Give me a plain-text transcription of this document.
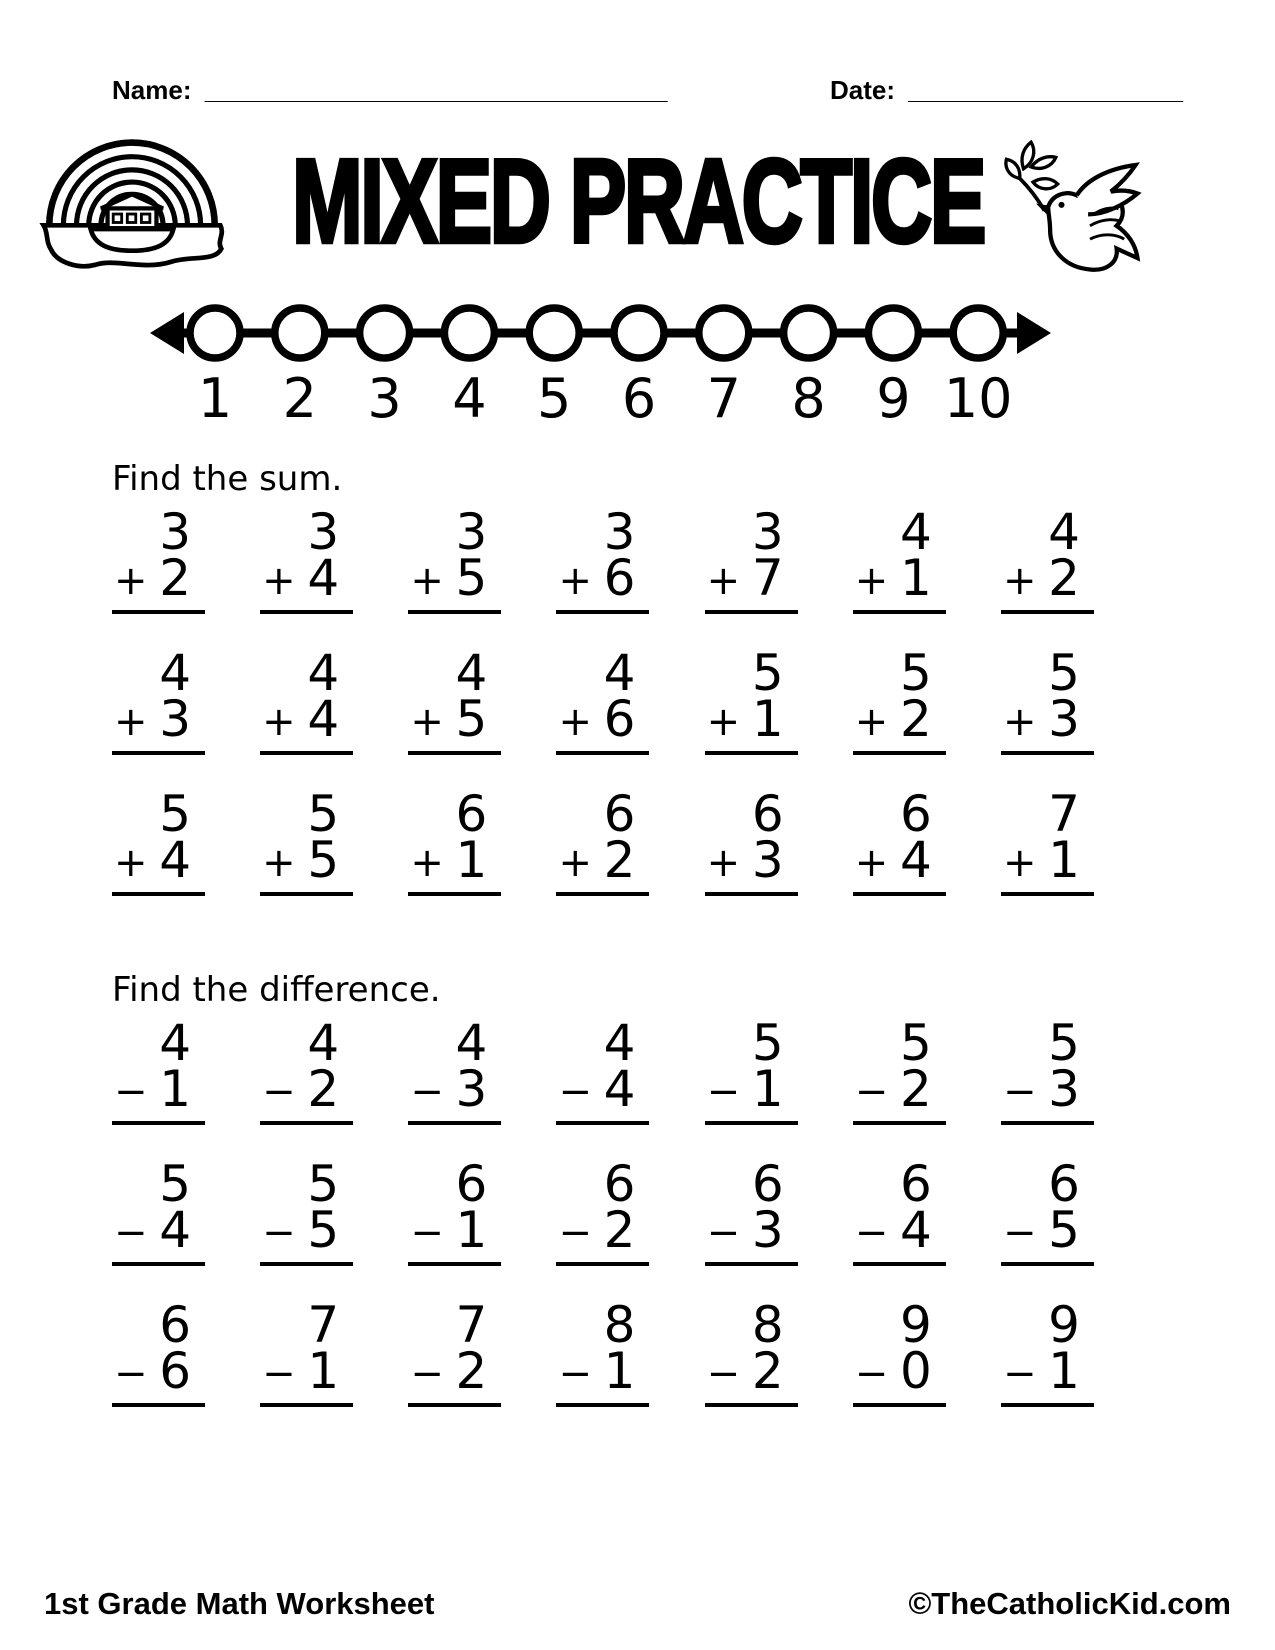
Name: ________________________________	Date: ___________________
MIXED PRACTICE
1 2 3 4 5 6 7 8 9 10
Find the sum.
3
+ 2
3
+ 4
3
+ 5
3
+ 6
3
+ 7
4
+ 1
4
+ 2
4
+ 3
4
+ 4
4
+ 5
4
+ 6
5
+ 1
5
+ 2
5
+ 3
5
+ 4
5
+ 5
6
+ 1
6
+ 2
6
+ 3
6
+ 4
7
+ 1
Find the difference.
4
− 1
4
− 2
4
− 3
4
− 4
5
− 1
5
− 2
5
− 3
5
− 4
5
− 5
6
− 1
6
− 2
6
− 3
6
− 4
6
− 5
6
− 6
7
− 1
7
− 2
8
− 1
8
− 2
9
− 0
9
− 1
1st Grade Math Worksheet	©TheCatholicKid.com
